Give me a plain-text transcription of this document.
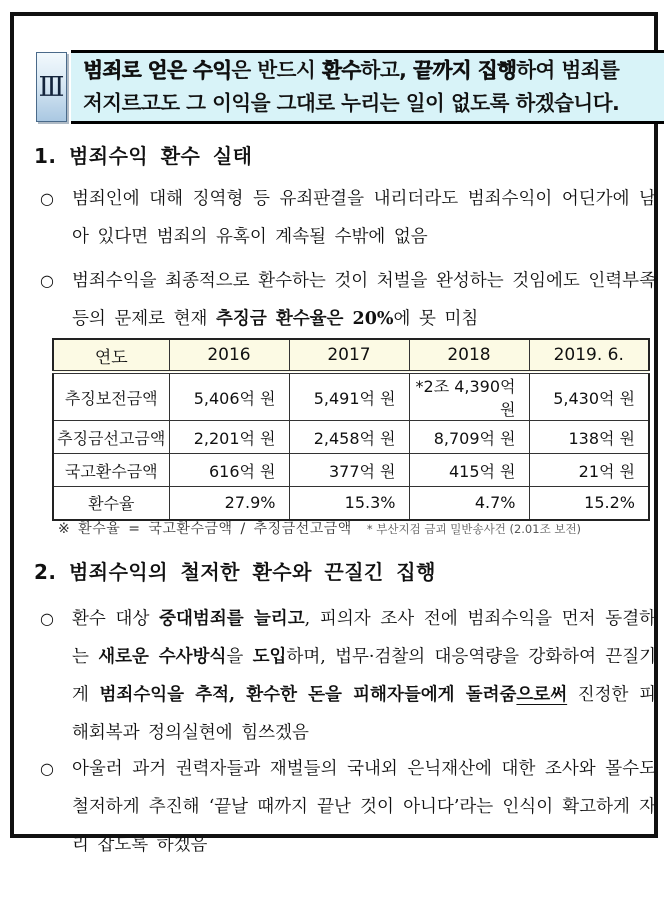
Ⅲ
범죄로 얻은 수익은 반드시 환수하고, 끝까지 집행하여 범죄를
저지르고도 그 이익을 그대로 누리는 일이 없도록 하겠습니다.
1. 범죄수익 환수 실태
○ 범죄인에 대해 징역형 등 유죄판결을 내리더라도 범죄수익이 어딘가에 남아 있다면 범죄의 유혹이 계속될 수밖에 없음
○ 범죄수익을 최종적으로 환수하는 것이 처벌을 완성하는 것임에도 인력부족 등의 문제로 현재 추징금 환수율은 20%에 못 미침
연도	2016	2017	2018	2019. 6.
추징보전금액	5,406억 원	5,491억 원	*2조 4,390억 원	5,430억 원
추징금선고금액	2,201억 원	2,458억 원	8,709억 원	138억 원
국고환수금액	616억 원	377억 원	415억 원	21억 원
환수율	27.9%	15.3%	4.7%	15.2%
※ 환수율 = 국고환수금액 / 추징금선고금액 * 부산지검 금괴 밀반송사건 (2.01조 보전)
2. 범죄수익의 철저한 환수와 끈질긴 집행
○ 환수 대상 중대범죄를 늘리고, 피의자 조사 전에 범죄수익을 먼저 동결하는 새로운 수사방식을 도입하며, 법무·검찰의 대응역량을 강화하여 끈질기게 범죄수익을 추적, 환수한 돈을 피해자들에게 돌려줌으로써 진정한 피해회복과 정의실현에 힘쓰겠음
○ 아울러 과거 권력자들과 재벌들의 국내외 은닉재산에 대한 조사와 몰수도 철저하게 추진해 ‘끝날 때까지 끝난 것이 아니다’라는 인식이 확고하게 자리 잡도록 하겠음
